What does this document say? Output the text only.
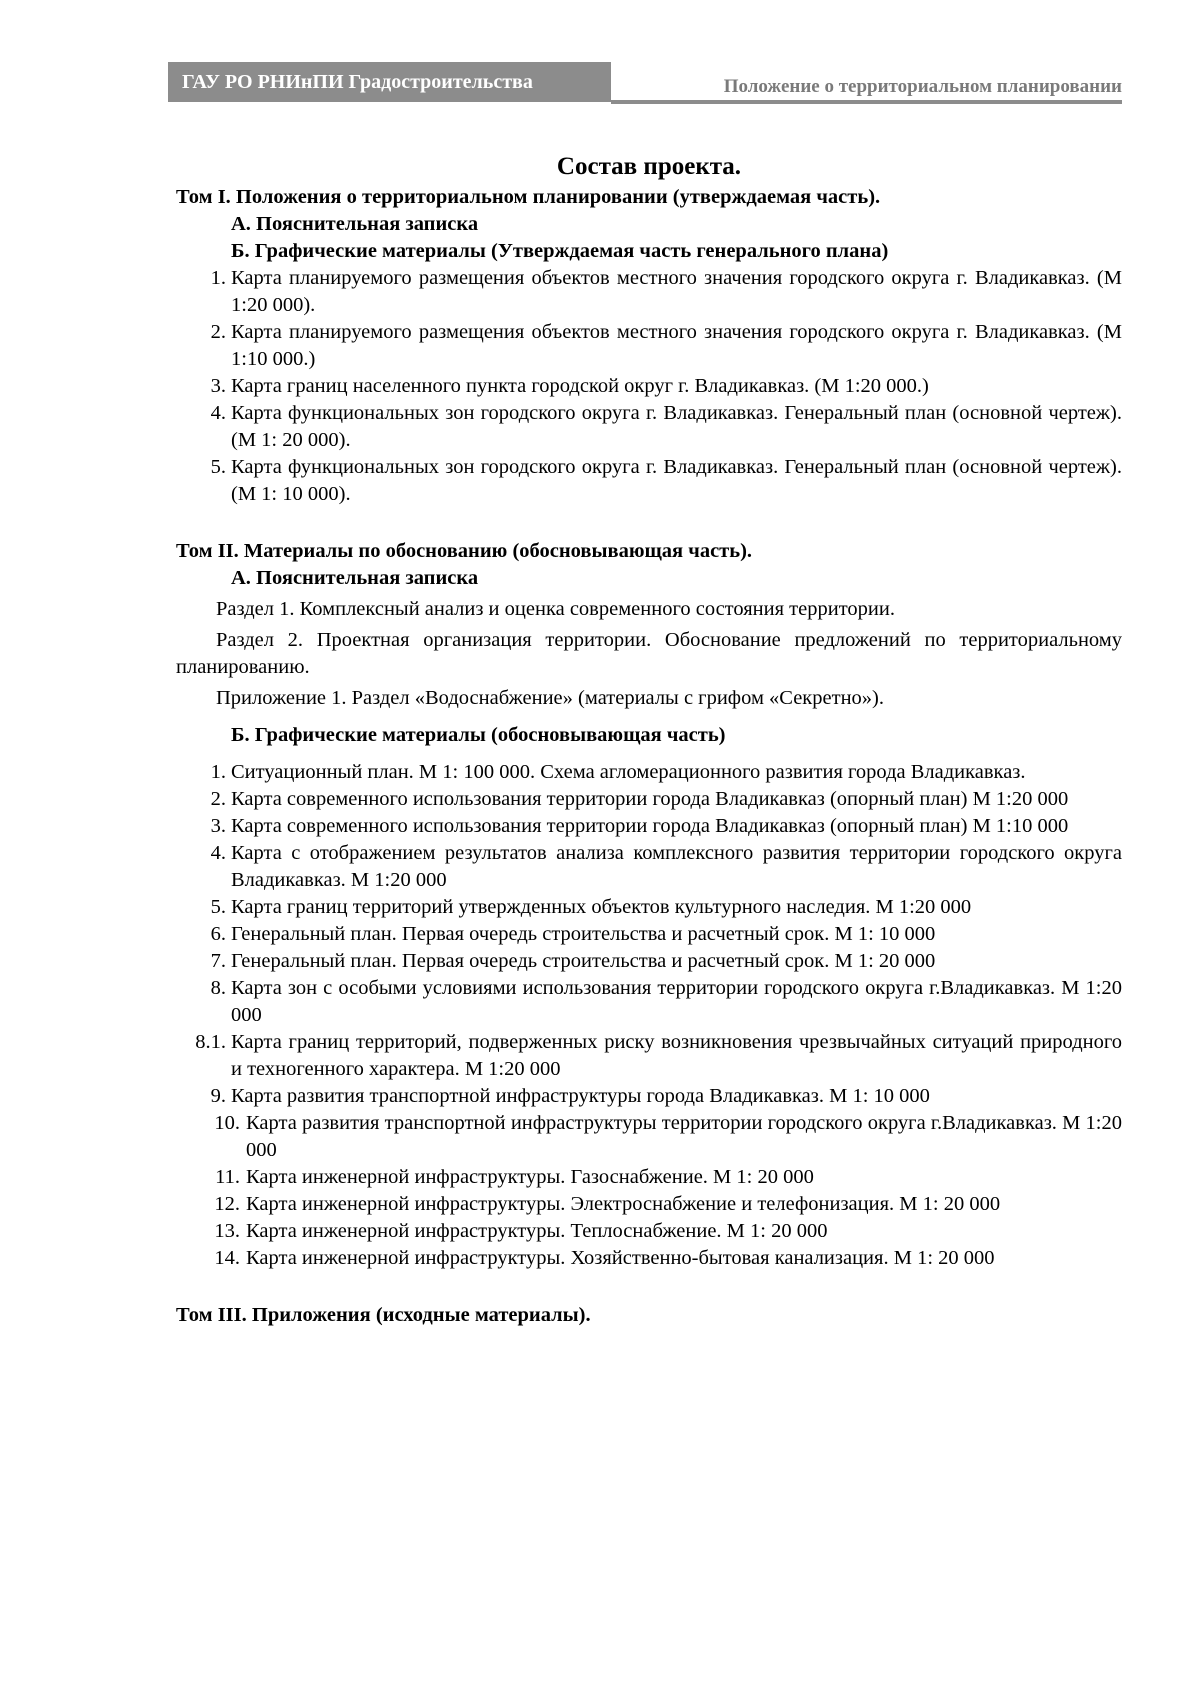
ГАУ РО РНИнПИ Градостроительства	Положение о территориальном планировании
Состав проекта.

Том I. Положения о территориальном планировании (утверждаемая часть).

А. Пояснительная записка

Б. Графические материалы (Утверждаемая часть генерального плана)

1. Карта планируемого размещения объектов местного значения городского округа г. Владикавказ. (М 1:20 000).
2. Карта планируемого размещения объектов местного значения городского округа г. Владикавказ. (М 1:10 000.)
3. Карта границ населенного пункта городской округ г. Владикавказ. (М 1:20 000.)
4. Карта функциональных зон городского округа г. Владикавказ. Генеральный план (основной чертеж). (М 1: 20 000).
5. Карта функциональных зон городского округа г. Владикавказ. Генеральный план (основной чертеж). (М 1: 10 000).

Том II. Материалы по обоснованию (обосновывающая часть).

А. Пояснительная записка

Раздел 1. Комплексный анализ и оценка современного состояния территории.

Раздел 2. Проектная организация территории. Обоснование предложений по территориальному планированию.

Приложение 1. Раздел «Водоснабжение» (материалы с грифом «Секретно»).

Б. Графические материалы (обосновывающая часть)

1. Ситуационный план. М 1: 100 000. Схема агломерационного развития города Владикавказ.
2. Карта современного использования территории города Владикавказ (опорный план) М 1:20 000
3. Карта современного использования территории города Владикавказ (опорный план) М 1:10 000
4. Карта с отображением результатов анализа комплексного развития территории городского округа Владикавказ. М 1:20 000
5. Карта границ территорий утвержденных объектов культурного наследия. М 1:20 000
6. Генеральный план. Первая очередь строительства и расчетный срок. М 1: 10 000
7. Генеральный план. Первая очередь строительства и расчетный срок. М 1: 20 000
8. Карта зон с особыми условиями использования территории городского округа г.Владикавказ. М 1:20 000
8.1. Карта границ территорий, подверженных риску возникновения чрезвычайных ситуаций природного и техногенного характера. М 1:20 000
9. Карта развития транспортной инфраструктуры города Владикавказ. М 1: 10 000
10. Карта развития транспортной инфраструктуры территории городского округа г.Владикавказ. М 1:20 000
11. Карта инженерной инфраструктуры. Газоснабжение. М 1: 20 000
12. Карта инженерной инфраструктуры. Электроснабжение и телефонизация. М 1: 20 000
13. Карта инженерной инфраструктуры. Теплоснабжение. М 1: 20 000
14. Карта инженерной инфраструктуры. Хозяйственно-бытовая канализация. М 1: 20 000

Том III. Приложения (исходные материалы).
